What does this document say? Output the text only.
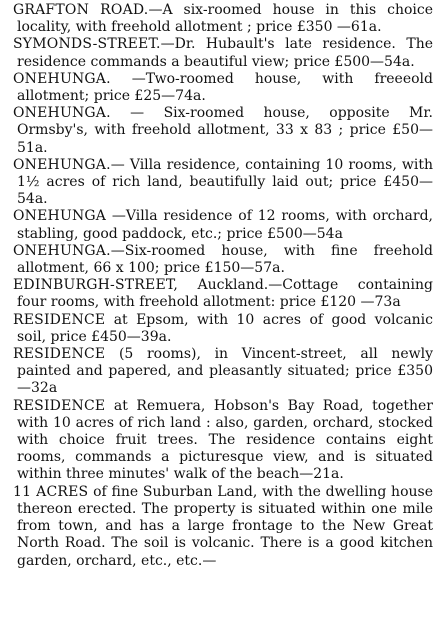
GRAFTON ROAD.—A six-roomed house in this choice locality, with freehold allotment ; price £350 —61a.

SYMONDS-STREET.—Dr. Hubault's late residence. The residence commands a beautiful view; price £500—54a.

ONEHUNGA. —Two-roomed house, with freeeold allotment; price £25—74a.

ONEHUNGA. — Six-roomed house, opposite Mr. Ormsby's, with freehold allotment, 33 x 83 ; price £50—51a.

ONEHUNGA.— Villa residence, containing 10 rooms, with 1½ acres of rich land, beautifully laid out; price £450—54a.

ONEHUNGA —Villa residence of 12 rooms, with orchard, stabling, good paddock, etc.; price £500—54a

ONEHUNGA.—Six-roomed house, with fine freehold allotment, 66 x 100; price £150—57a.

EDINBURGH-STREET, Auckland.—Cottage containing four rooms, with freehold allotment: price £120 —73a

RESIDENCE at Epsom, with 10 acres of good volcanic soil, price £450—39a.

RESIDENCE (5 rooms), in Vincent-street, all newly painted and papered, and pleasantly situated; price £350—32a

RESIDENCE at Remuera, Hobson's Bay Road, together with 10 acres of rich land : also, garden, orchard, stocked with choice fruit trees. The residence contains eight rooms, commands a picturesque view, and is situated within three minutes' walk of the beach—21a.

11 ACRES of fine Suburban Land, with the dwelling house thereon erected. The property is situated within one mile from town, and has a large frontage to the New Great North Road. The soil is volcanic. There is a good kitchen garden, orchard, etc., etc.—
